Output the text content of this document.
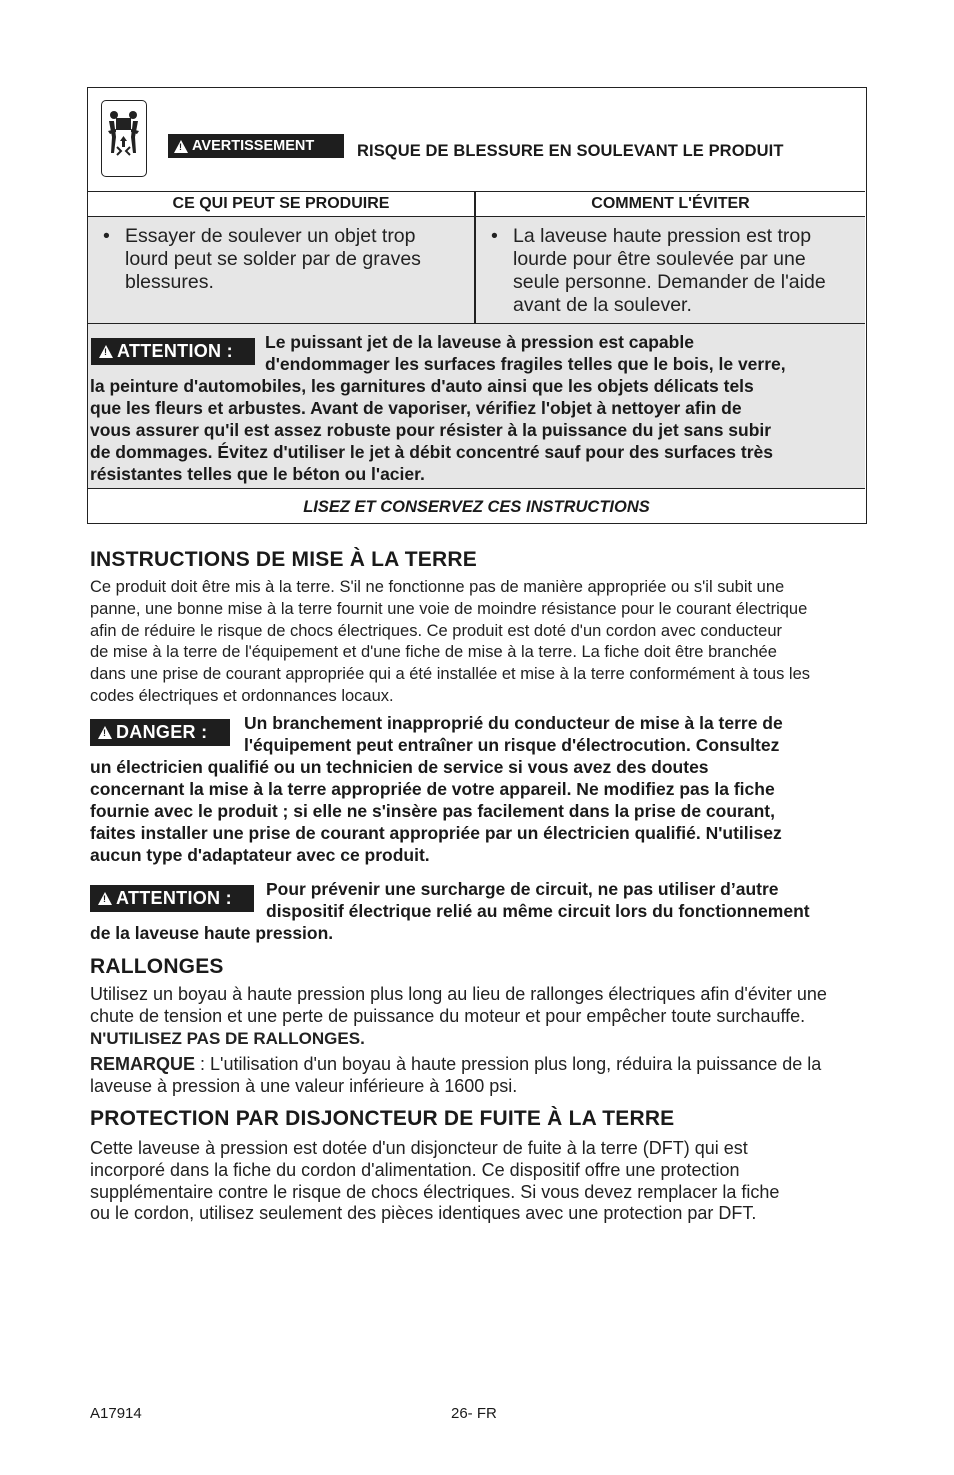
!
AVERTISSEMENT	RISQUE DE BLESSURE EN SOULEVANT LE PRODUIT
CE QUI PEUT SE PRODUIRE	COMMENT L'ÉVITER
• Essayer de soulever un objet trop
lourd peut se solder par de graves
blessures.
• La laveuse haute pression est trop
lourde pour être soulevée par une
seule personne. Demander de l'aide
avant de la soulever.
!
ATTENTION : Le puissant jet de la laveuse à pression est capable
d'endommager les surfaces fragiles telles que le bois, le verre,
la peinture d'automobiles, les garnitures d'auto ainsi que les objets délicats tels
que les fleurs et arbustes. Avant de vaporiser, vérifiez l'objet à nettoyer afin de
vous assurer qu'il est assez robuste pour résister à la puissance du jet sans subir
de dommages. Évitez d'utiliser le jet à débit concentré sauf pour des surfaces très
résistantes telles que le béton ou l'acier.
LISEZ ET CONSERVEZ CES INSTRUCTIONS
INSTRUCTIONS DE MISE À LA TERRE
Ce produit doit être mis à la terre. S'il ne fonctionne pas de manière appropriée ou s'il subit une
panne, une bonne mise à la terre fournit une voie de moindre résistance pour le courant électrique
afin de réduire le risque de chocs électriques. Ce produit est doté d'un cordon avec conducteur
de mise à la terre de l'équipement et d'une fiche de mise à la terre. La fiche doit être branchée
dans une prise de courant appropriée qui a été installée et mise à la terre conformément à tous les
codes électriques et ordonnances locaux.
!
DANGER : Un branchement inapproprié du conducteur de mise à la terre de
l'équipement peut entraîner un risque d'électrocution. Consultez
un électricien qualifié ou un technicien de service si vous avez des doutes
concernant la mise à la terre appropriée de votre appareil. Ne modifiez pas la fiche
fournie avec le produit ; si elle ne s'insère pas facilement dans la prise de courant,
faites installer une prise de courant appropriée par un électricien qualifié. N'utilisez
aucun type d'adaptateur avec ce produit.
!
ATTENTION : Pour prévenir une surcharge de circuit, ne pas utiliser d’autre
dispositif électrique relié au même circuit lors du fonctionnement
de la laveuse haute pression.
RALLONGES
Utilisez un boyau à haute pression plus long au lieu de rallonges électriques afin d'éviter une
chute de tension et une perte de puissance du moteur et pour empêcher toute surchauffe.
N'UTILISEZ PAS DE RALLONGES.
REMARQUE : L'utilisation d'un boyau à haute pression plus long, réduira la puissance de la
laveuse à pression à une valeur inférieure à 1600 psi.
PROTECTION PAR DISJONCTEUR DE FUITE À LA TERRE
Cette laveuse à pression est dotée d'un disjoncteur de fuite à la terre (DFT) qui est
incorporé dans la fiche du cordon d'alimentation. Ce dispositif offre une protection
supplémentaire contre le risque de chocs électriques. Si vous devez remplacer la fiche
ou le cordon, utilisez seulement des pièces identiques avec une protection par DFT.
A17914	26- FR
